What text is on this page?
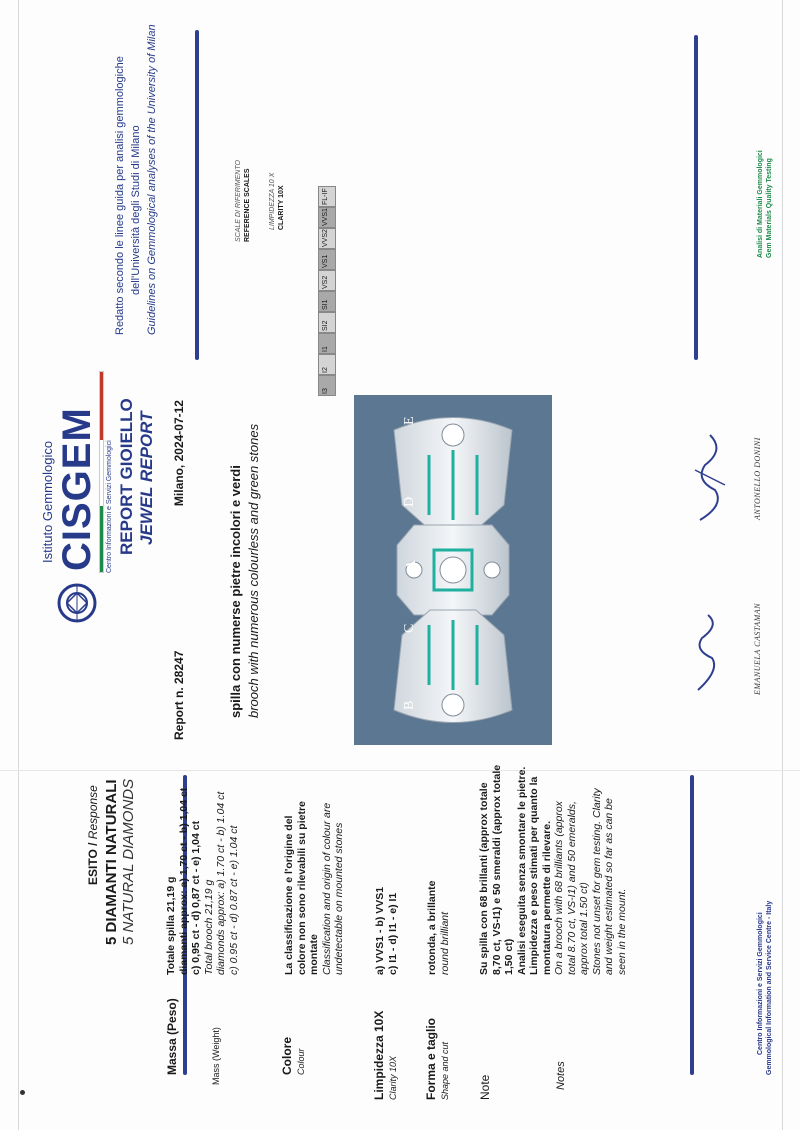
Redatto secondo le linee guida per analisi gemmologiche dell'Università degli Studi di Milano Guidelines on Gemmological analyses of the University of Milan	SCALE DI RIFERIMENTO REFERENCE SCALES	LIMPIDEZZA 10 X CLARITY 10X	FL-IF
VVS1
VVS2
VS1
VS2
SI1
SI2
I1
I2
I3
Analisi di Materiali Gemmologici Gem Materials Quality Testing
Istituto Gemmologico CISGEM Centro Informazioni e Servizi Gemmologici REPORT GIOIELLO JEWEL REPORT
Report n. 28247
Milano, 2024-07-12
spilla con numerse pietre incolori e verdi brooch with numerous colourless and green stones	B
C
A
D
E
EMANUELA CASTAMAN
ANTONELLO DONINI
ESITO / Response 5 DIAMANTI NATURALI 5 NATURAL DIAMONDS
Massa (Peso)	Mass (Weight)
Totale spilla 21,19 g diamanti approx: a) 1,70 ct - b) 1,04 ct c) 0,95 ct - d) 0,87 ct - e) 1,04 ct Total brooch 21,19 g diamonds approx: a) 1.70 ct - b) 1.04 ct c) 0.95 ct - d) 0.87 ct - e) 1.04 ct
Colore Colour
La classificazione e l'origine del colore non sono rilevabili su pietre montate Classification and origin of colour are undetectable on mounted stones
Limpidezza 10X Clarity 10X
a) VVS1 - b) VVS1 c) I1 - d) I1 - e) I1
Forma e taglio Shape and cut
rotonda, a brillante round brilliant
Note	Notes
Su spilla con 68 brillanti (approx totale 8,70 ct, VS-I1) e 50 smeraldi (approx totale 1,50 ct) Analisi eseguita senza smontare le pietre. Limpidezza e peso stimati per quanto la montatura permette di rilevare. On a brooch with 68 brilliants (approx total 8.70 ct, VS-I1) and 50 emeralds, approx total 1.50 ct) Stones not unset for gem testing. Clarity and weight estimated so far as can be seen in the mount.	Centro Informazioni e Servizi Gemmologici Gemmological Information and Service Centre - Italy
